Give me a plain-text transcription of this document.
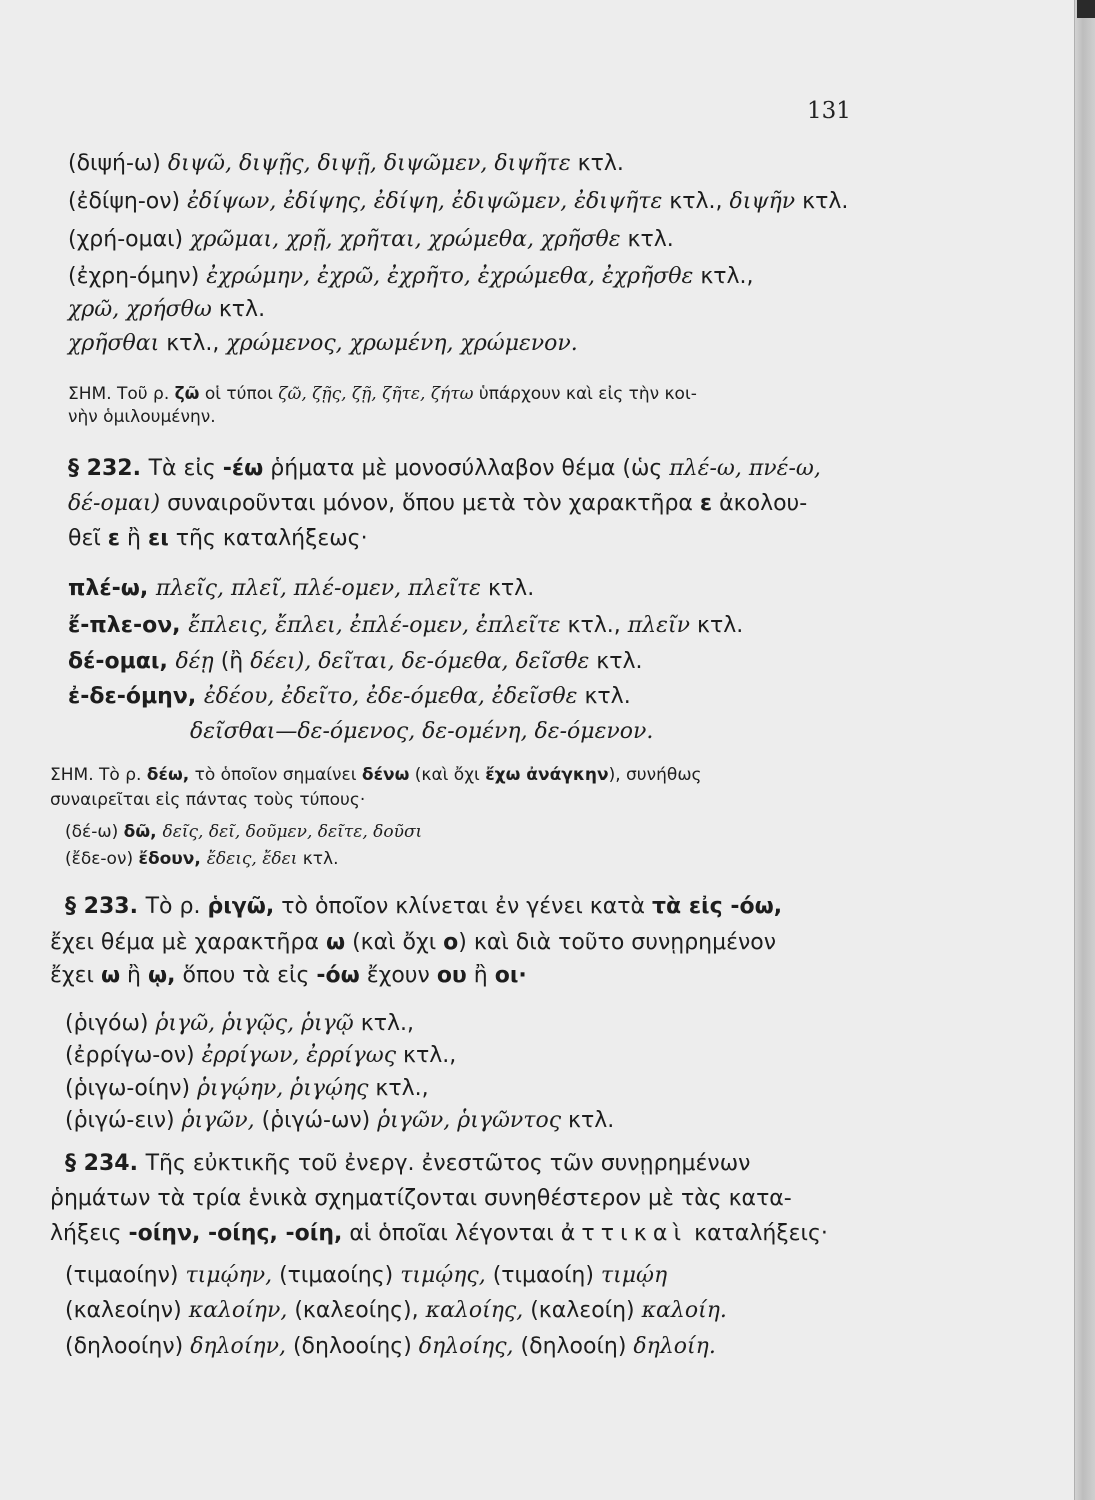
131
(διψή-ω) διψῶ, διψῇς, διψῇ, διψῶμεν, διψῆτε κτλ.
(ἐδίψη-ον) ἐδίψων, ἐδίψης, ἐδίψη, ἐδιψῶμεν, ἐδιψῆτε κτλ., διψῆν κτλ.
(χρή-ομαι) χρῶμαι, χρῇ, χρῆται, χρώμεθα, χρῆσθε κτλ.
(ἐχρη-όμην) ἐχρώμην, ἐχρῶ, ἐχρῆτο, ἐχρώμεθα, ἐχρῆσθε κτλ.,
χρῶ, χρήσθω κτλ.
χρῆσθαι κτλ., χρώμενος, χρωμένη, χρώμενον.
ΣΗΜ. Τοῦ ρ. ζῶ οἱ τύποι ζῶ, ζῇς, ζῇ, ζῆτε, ζήτω ὑπάρχουν καὶ εἰς τὴν κοι-
νὴν ὁμιλουμένην.
§ 232. Τὰ εἰς -έω ῥήματα μὲ μονοσύλλαβον θέμα (ὡς πλέ-ω, πνέ-ω,
δέ-ομαι) συναιροῦνται μόνον, ὅπου μετὰ τὸν χαρακτῆρα ε ἀκολου-
θεῖ ε ἢ ει τῆς καταλήξεως·
πλέ-ω, πλεῖς, πλεῖ, πλέ-ομεν, πλεῖτε κτλ.
ἔ-πλε-ον, ἔπλεις, ἔπλει, ἐπλέ-ομεν, ἐπλεῖτε κτλ., πλεῖν κτλ.
δέ-ομαι, δέῃ (ἢ δέει), δεῖται, δε-όμεθα, δεῖσθε κτλ.
ἐ-δε-όμην, ἐδέου, ἐδεῖτο, ἐδε-όμεθα, ἐδεῖσθε κτλ.
δεῖσθαι—δε-όμενος, δε-ομένη, δε-όμενον.
ΣΗΜ. Τὸ ρ. δέω, τὸ ὁποῖον σημαίνει δένω (καὶ ὄχι ἔχω ἀνάγκην), συνήθως
συναιρεῖται εἰς πάντας τοὺς τύπους·
(δέ-ω) δῶ, δεῖς, δεῖ, δοῦμεν, δεῖτε, δοῦσι
(ἔδε-ον) ἔδουν, ἔδεις, ἔδει κτλ.
§ 233. Τὸ ρ. ῥιγῶ, τὸ ὁποῖον κλίνεται ἐν γένει κατὰ τὰ εἰς -όω,
ἔχει θέμα μὲ χαρακτῆρα ω (καὶ ὄχι ο) καὶ διὰ τοῦτο συνῃρημένον
ἔχει ω ἢ ῳ, ὅπου τὰ εἰς -όω ἔχουν ου ἢ οι·
(ῥιγόω) ῥιγῶ, ῥιγῷς, ῥιγῷ κτλ.,
(ἐρρίγω-ον) ἐρρίγων, ἐρρίγως κτλ.,
(ῥιγω-οίην) ῥιγῴην, ῥιγῴης κτλ.,
(ῥιγώ-ειν) ῥιγῶν, (ῥιγώ-ων) ῥιγῶν, ῥιγῶντος κτλ.
§ 234. Τῆς εὐκτικῆς τοῦ ἐνεργ. ἐνεστῶτος τῶν συνῃρημένων
ῥημάτων τὰ τρία ἑνικὰ σχηματίζονται συνηθέστερον μὲ τὰς κατα-
λήξεις -οίην, -οίης, -οίη, αἱ ὁποῖαι λέγονται ἀττικαὶ καταλήξεις·
(τιμαοίην) τιμῴην, (τιμαοίης) τιμῴης, (τιμαοίη) τιμῴη
(καλεοίην) καλοίην, (καλεοίης), καλοίης, (καλεοίη) καλοίη.
(δηλοοίην) δηλοίην, (δηλοοίης) δηλοίης, (δηλοοίη) δηλοίη.
